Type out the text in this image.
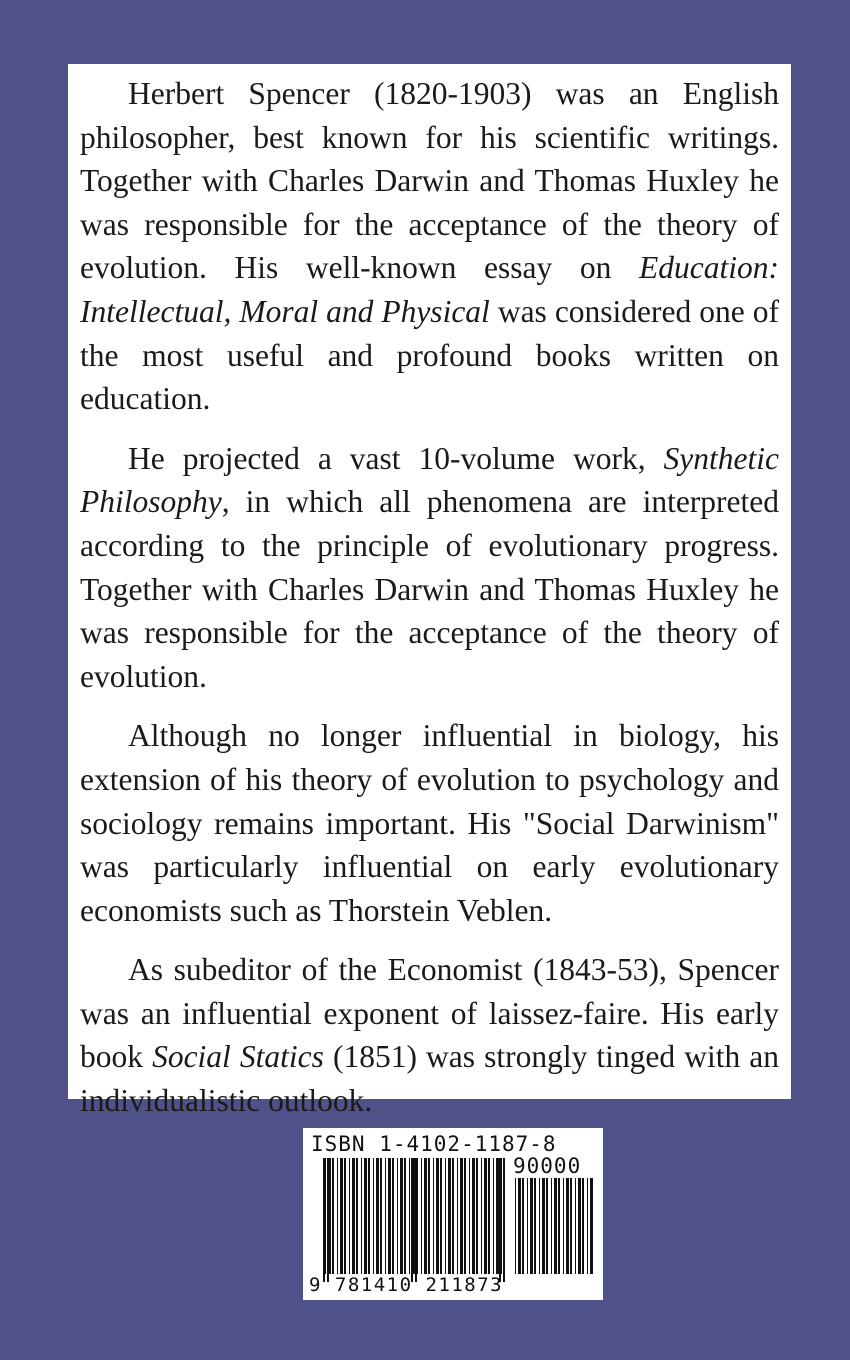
Herbert Spencer (1820-1903) was an English philosopher, best known for his scientific writings. Together with Charles Darwin and Thomas Huxley he was responsible for the acceptance of the theory of evolution. His well-known essay on Education: Intellectual, Moral and Physical was considered one of the most useful and profound books written on education.

He projected a vast 10-volume work, Synthetic Philosophy, in which all phenomena are interpreted according to the principle of evolutionary progress. Together with Charles Darwin and Thomas Huxley he was responsible for the acceptance of the theory of evolution.

Although no longer influential in biology, his extension of his theory of evolution to psychology and sociology remains important. His "Social Darwinism" was particularly influential on early evolutionary economists such as Thorstein Veblen.

As subeditor of the Economist (1843-53), Spencer was an influential exponent of laissez-faire. His early book Social Statics (1851) was strongly tinged with an individualistic outlook.

ISBN 1-4102-1187-8
90000
9 781410 211873
